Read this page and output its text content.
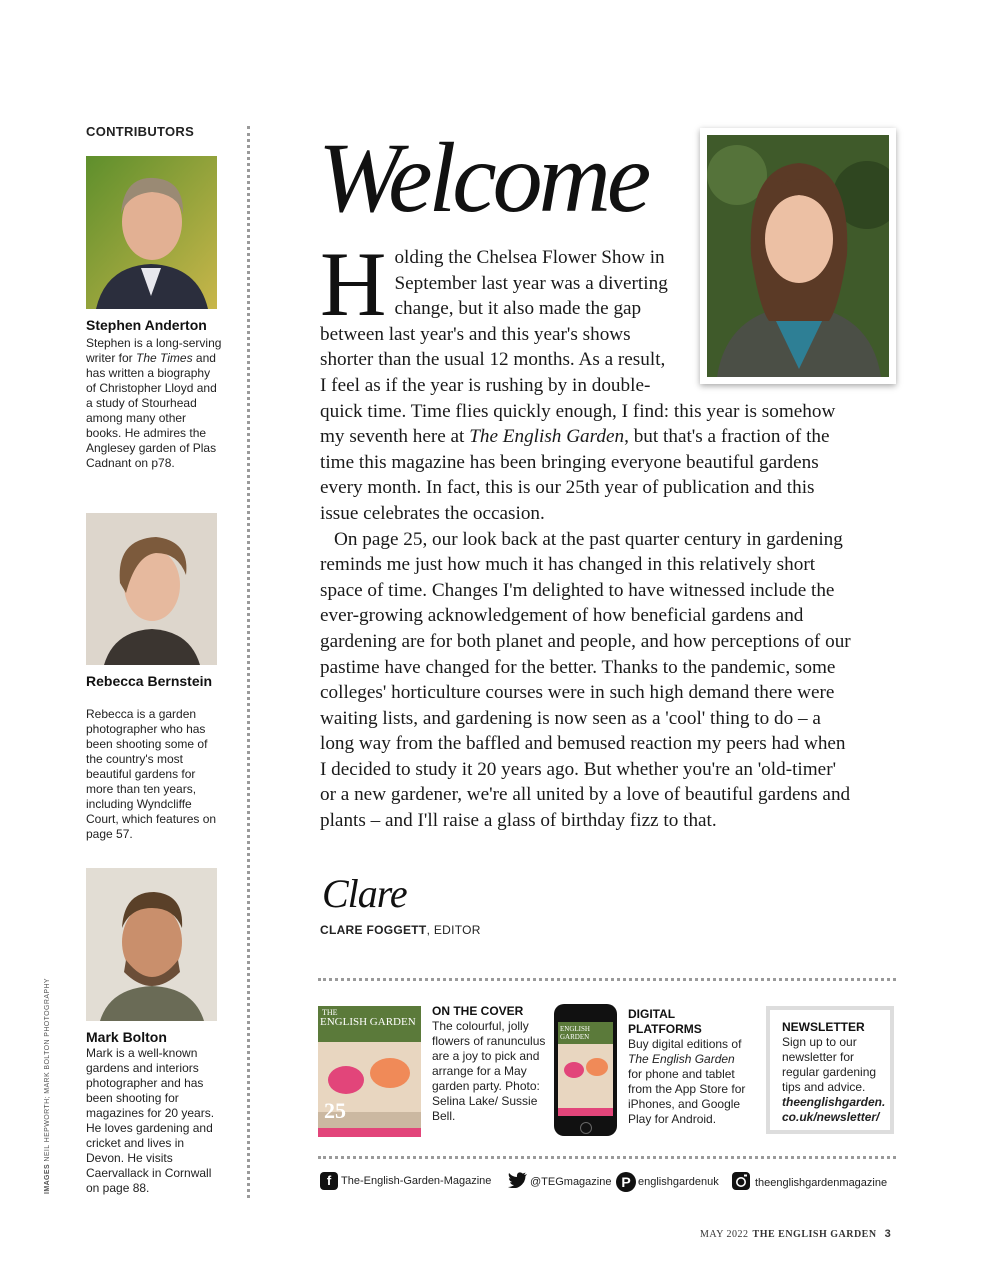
CONTRIBUTORS
Stephen Anderton
Stephen is a long-serving writer for The Times and has written a biography of Christopher Lloyd and a study of Stourhead among many other books. He admires the Anglesey garden of Plas Cadnant on p78.
Rebecca Bernstein
Rebecca is a garden photographer who has been shooting some of the country's most beautiful gardens for more than ten years, including Wyndcliffe Court, which features on page 57.
Mark Bolton
Mark is a well-known gardens and interiors photographer and has been shooting for magazines for 20 years. He loves gardening and cricket and lives in Devon. He visits Caervallack in Cornwall on page 88.
IMAGES NEIL HEPWORTH; MARK BOLTON PHOTOGRAPHY
Welcome

Holding the Chelsea Flower Show in September last year was a diverting change, but it also made the gap between last year's and this year's shows shorter than the usual 12 months. As a result, I feel as if the year is rushing by in double-quick time. Time flies quickly enough, I find: this year is somehow my seventh here at The English Garden, but that's a fraction of the time this magazine has been bringing everyone beautiful gardens every month. In fact, this is our 25th year of publication and this issue celebrates the occasion.

On page 25, our look back at the past quarter century in gardening reminds me just how much it has changed in this relatively short space of time. Changes I'm delighted to have witnessed include the ever-growing acknowledgement of how beneficial gardens and gardening are for both planet and people, and how perceptions of our pastime have changed for the better. Thanks to the pandemic, some colleges' horticulture courses were in such high demand there were waiting lists, and gardening is now seen as a 'cool' thing to do – a long way from the baffled and bemused reaction my peers had when I decided to study it 20 years ago. But whether you're an 'old-timer' or a new gardener, we're all united by a love of beautiful gardens and plants – and I'll raise a glass of birthday fizz to that.

Clare
CLARE FOGGETT, EDITOR
THE
ENGLISH GARDEN
25
ON THE COVER
The colourful, jolly flowers of ranunculus are a joy to pick and arrange for a May garden party. Photo: Selina Lake/ Sussie Bell.
ENGLISH GARDEN
DIGITAL PLATFORMS
Buy digital editions of The English Garden for phone and tablet from the App Store for iPhones, and Google Play for Android.
NEWSLETTER
Sign up to our newsletter for regular gardening tips and advice.
theenglishgarden.co.uk/newsletter/
f The-English-Garden-Magazine	@TEGmagazine P englishgardenuk	theenglishgardenmagazine
MAY 2022 THE ENGLISH GARDEN 3
